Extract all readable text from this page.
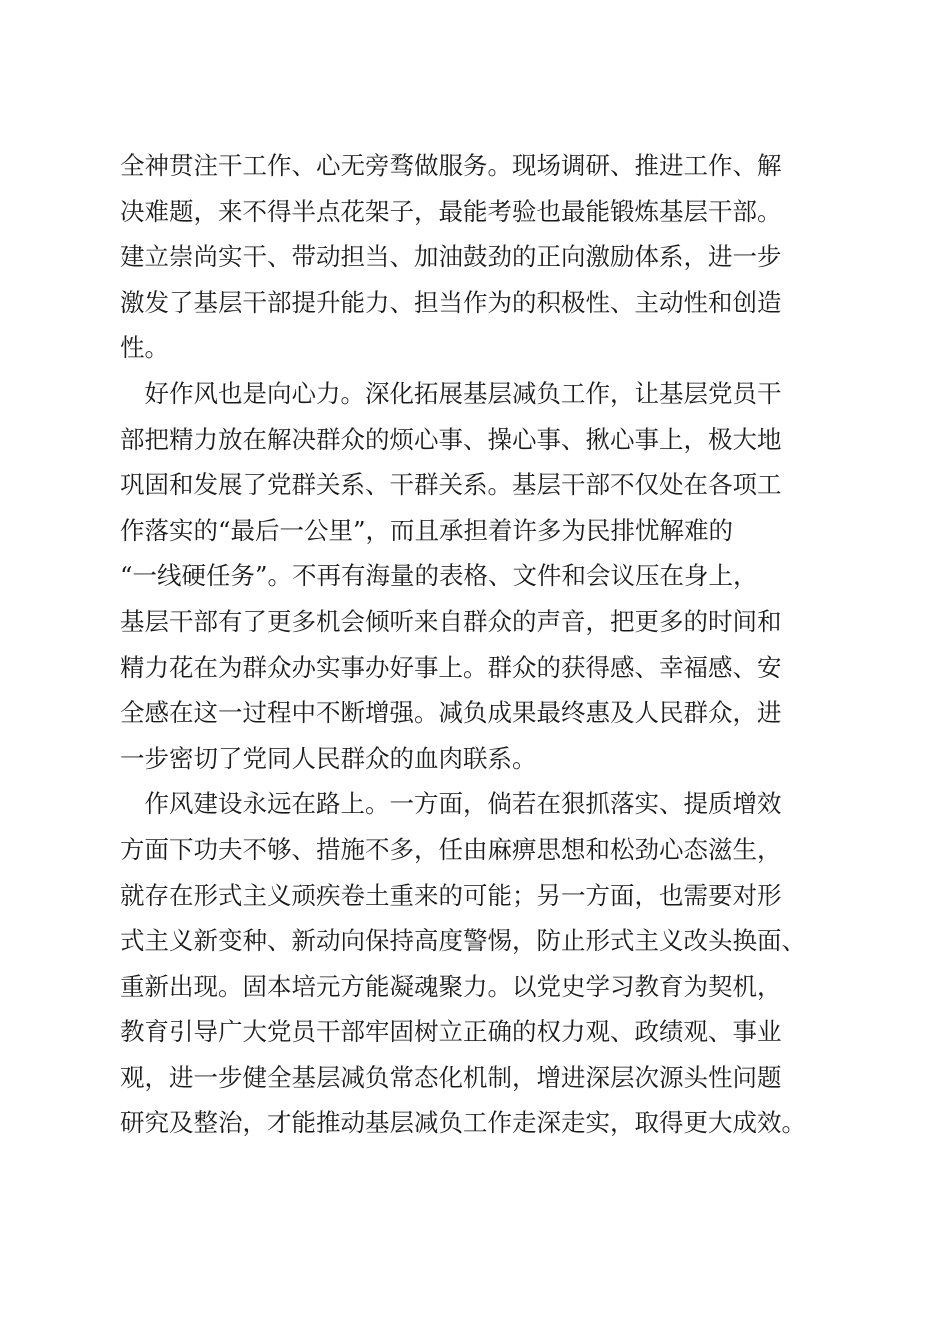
全神贯注干工作、心无旁骛做服务。现场调研、推进工作、解
决难题，来不得半点花架子，最能考验也最能锻炼基层干部。
建立崇尚实干、带动担当、加油鼓劲的正向激励体系，进一步
激发了基层干部提升能力、担当作为的积极性、主动性和创造
性。
　好作风也是向心力。深化拓展基层减负工作，让基层党员干
部把精力放在解决群众的烦心事、操心事、揪心事上，极大地
巩固和发展了党群关系、干群关系。基层干部不仅处在各项工
作落实的“最后一公里”，而且承担着许多为民排忧解难的
“一线硬任务”。不再有海量的表格、文件和会议压在身上，
基层干部有了更多机会倾听来自群众的声音，把更多的时间和
精力花在为群众办实事办好事上。群众的获得感、幸福感、安
全感在这一过程中不断增强。减负成果最终惠及人民群众，进
一步密切了党同人民群众的血肉联系。
　作风建设永远在路上。一方面，倘若在狠抓落实、提质增效
方面下功夫不够、措施不多，任由麻痹思想和松劲心态滋生，
就存在形式主义顽疾卷土重来的可能；另一方面，也需要对形
式主义新变种、新动向保持高度警惕，防止形式主义改头换面、
重新出现。固本培元方能凝魂聚力。以党史学习教育为契机，
教育引导广大党员干部牢固树立正确的权力观、政绩观、事业
观，进一步健全基层减负常态化机制，增进深层次源头性问题
研究及整治，才能推动基层减负工作走深走实，取得更大成效。
